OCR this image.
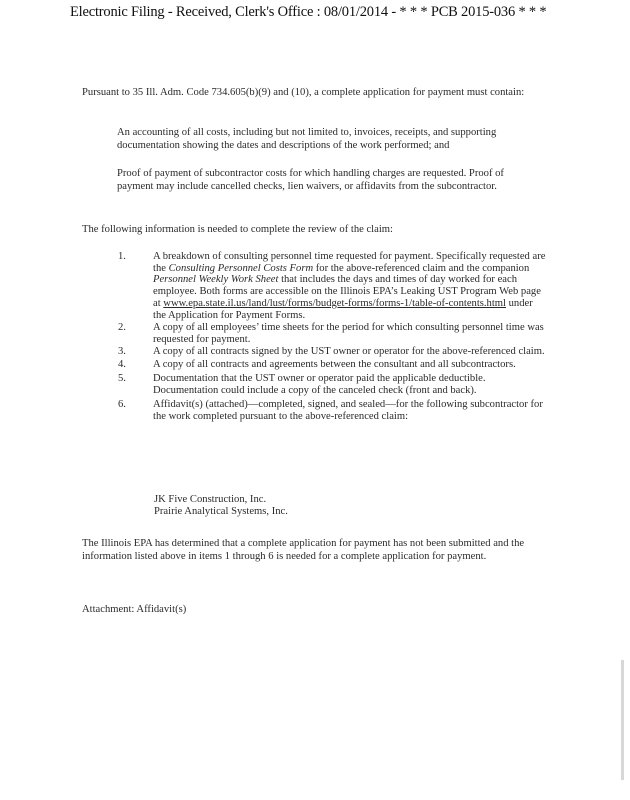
Electronic Filing - Received, Clerk's Office : 08/01/2014 - * * * PCB 2015-036 * * *
Pursuant to 35 Ill. Adm. Code 734.605(b)(9) and (10), a complete application for payment must contain:
An accounting of all costs, including but not limited to, invoices, receipts, and supporting documentation showing the dates and descriptions of the work performed; and
Proof of payment of subcontractor costs for which handling charges are requested. Proof of payment may include cancelled checks, lien waivers, or affidavits from the subcontractor.
The following information is needed to complete the review of the claim:
1.	A breakdown of consulting personnel time requested for payment. Specifically requested are the Consulting Personnel Costs Form for the above-referenced claim and the companion Personnel Weekly Work Sheet that includes the days and times of day worked for each employee. Both forms are accessible on the Illinois EPA’s Leaking UST Program Web page at www.epa.state.il.us/land/lust/forms/budget-forms/forms-1/table-of-contents.html under the Application for Payment Forms.
2.	A copy of all employees’ time sheets for the period for which consulting personnel time was requested for payment.
3.	A copy of all contracts signed by the UST owner or operator for the above-referenced claim.
4.	A copy of all contracts and agreements between the consultant and all subcontractors.
5.	Documentation that the UST owner or operator paid the applicable deductible. Documentation could include a copy of the canceled check (front and back).
6.	Affidavit(s) (attached)—completed, signed, and sealed—for the following subcontractor for the work completed pursuant to the above-referenced claim:
JK Five Construction, Inc.
Prairie Analytical Systems, Inc.
The Illinois EPA has determined that a complete application for payment has not been submitted and the information listed above in items 1 through 6 is needed for a complete application for payment.
Attachment: Affidavit(s)
